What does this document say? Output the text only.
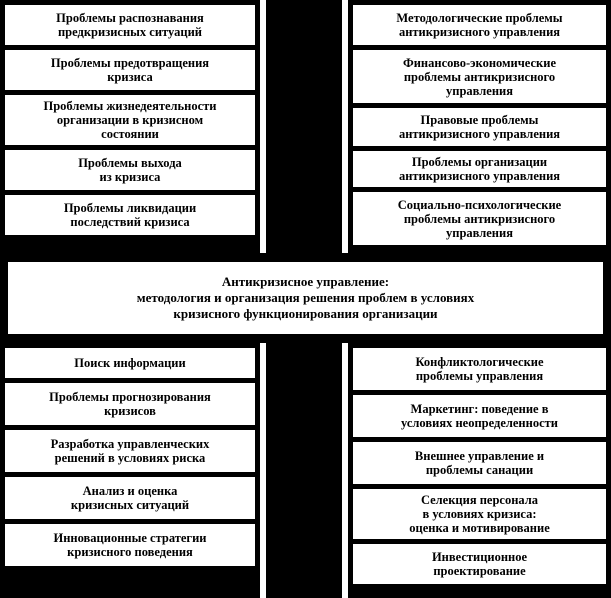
Проблемы распознавания
предкризисных ситуаций
Проблемы предотвращения
кризиса
Проблемы жизнедеятельности
организации в кризисном
состоянии
Проблемы выхода
из кризиса
Проблемы ликвидации
последствий кризиса
Методологические проблемы
антикризисного управления
Финансово-экономические
проблемы антикризисного
управления
Правовые проблемы
антикризисного управления
Проблемы организации
антикризисного управления
Социально-психологические
проблемы антикризисного
управления
Антикризисное управление:
методология и организация решения проблем в условиях
кризисного функционирования организации
Поиск информации
Проблемы прогнозирования
кризисов
Разработка управленческих
решений в условиях риска
Анализ и оценка
кризисных ситуаций
Инновационные стратегии
кризисного поведения
Конфликтологические
проблемы управления
Маркетинг: поведение в
условиях неопределенности
Внешнее управление и
проблемы санации
Селекция персонала
в условиях кризиса:
оценка и мотивирование
Инвестиционное
проектирование
